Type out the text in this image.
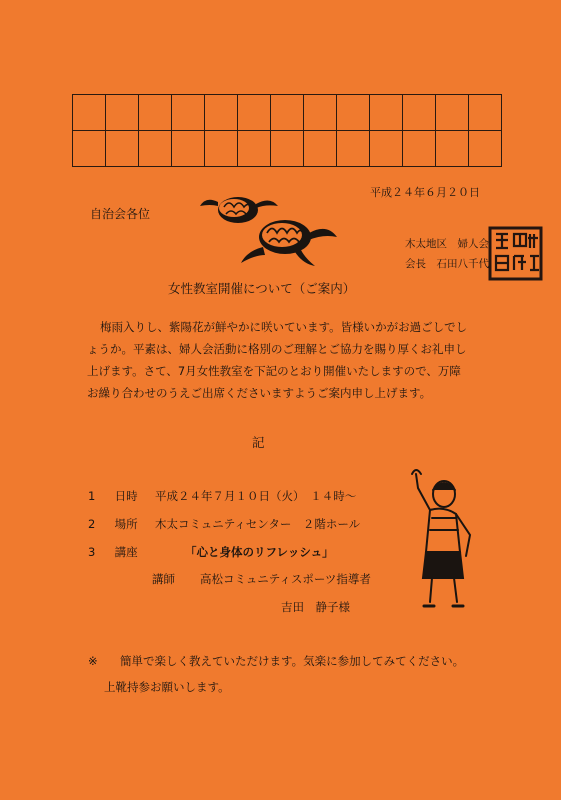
平成２４年６月２０日
自治会各位
木太地区　婦人会
会長　石田八千代
女性教室開催について（ご案内）
梅雨入りし、紫陽花が鮮やかに咲いています。皆様いかがお過ごしでし
ょうか。平素は、婦人会活動に格別のご理解とご協力を賜り厚くお礼申し
上げます。さて、7月女性教室を下記のとおり開催いたしますので、万障
お繰り合わせのうえご出席くださいますようご案内申し上げます。
記
1 日時 平成２４年７月１０日（火）　１４時～
2 場所 木太コミュニティセンター　２階ホール
3 講座	「心と身体のリフレッシュ」
講師 高松コミュニティスポーツ指導者
吉田　静子様
※ 簡単で楽しく教えていただけます。気楽に参加してみてください。
上靴持参お願いします。
